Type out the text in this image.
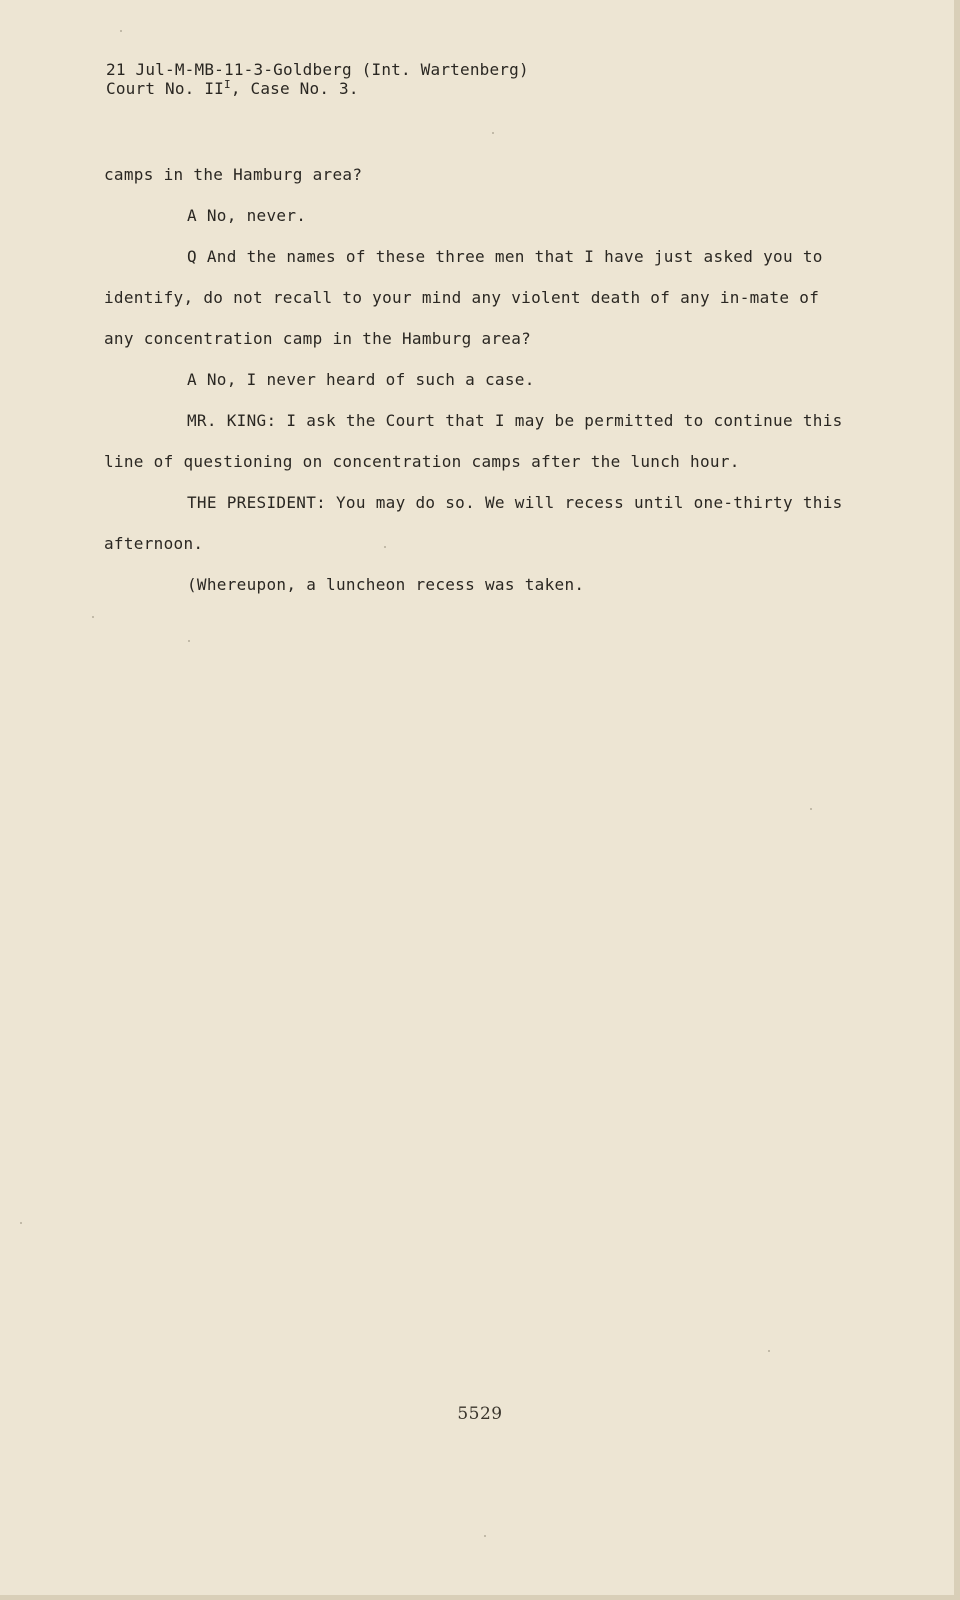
21 Jul-M-MB-11-3-Goldberg (Int. Wartenberg)
Court No. $II^I$, Case No. 3.

camps in the Hamburg area?

A No, never.

Q And the names of these three men that I have just asked you to identify, do not recall to your mind any violent death of any in-mate of any concentration camp in the Hamburg area?

A No, I never heard of such a case.

MR. KING: I ask the Court that I may be permitted to continue this line of questioning on concentration camps after the lunch hour.

THE PRESIDENT: You may do so. We will recess until one-thirty this afternoon.

(Whereupon, a luncheon recess was taken.

5529
